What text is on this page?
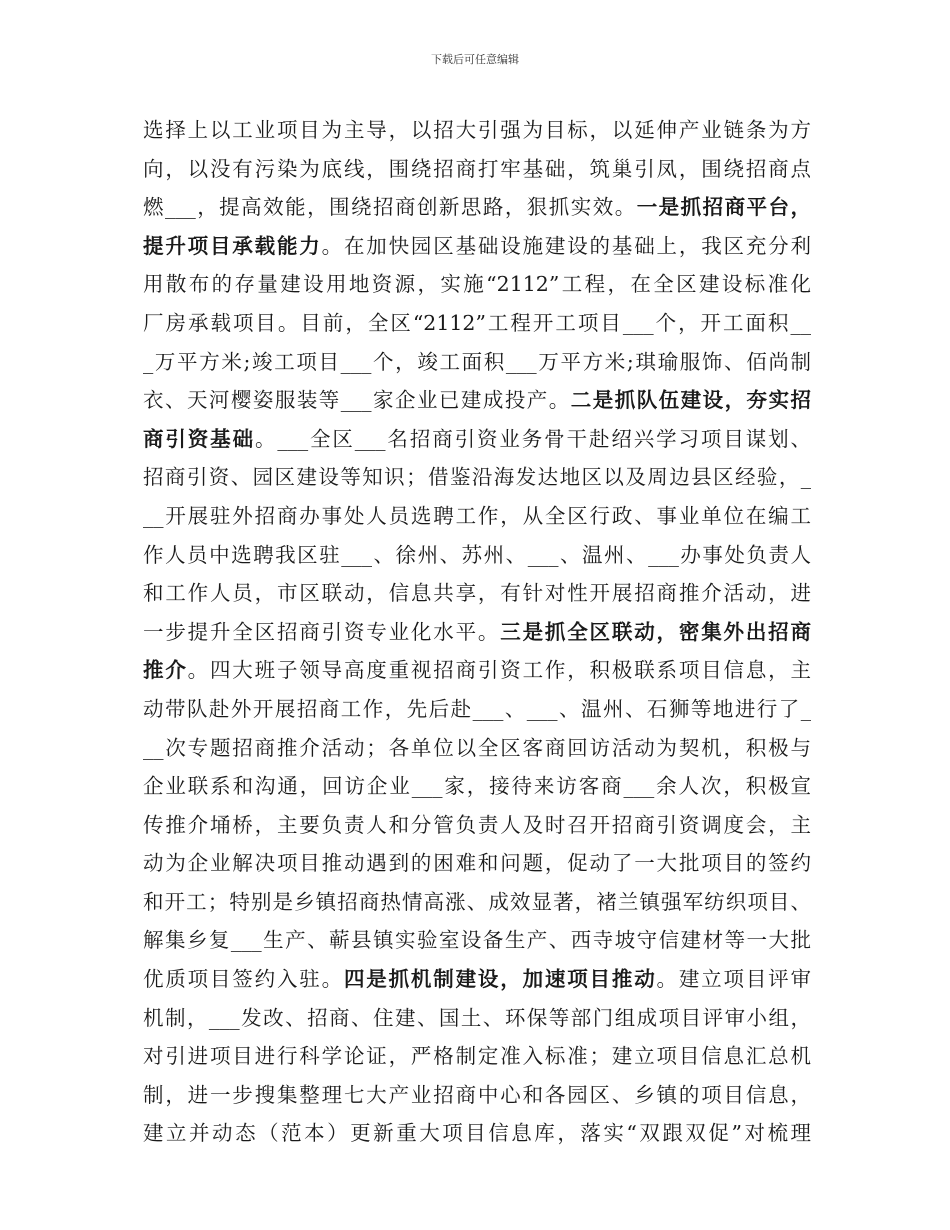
下载后可任意编辑
选择上以工业项目为主导，以招大引强为目标，以延伸产业链条为方
向，以没有污染为底线，围绕招商打牢基础，筑巢引凤，围绕招商点
燃___，提高效能，围绕招商创新思路，狠抓实效。一是抓招商平台，
提升项目承载能力。在加快园区基础设施建设的基础上，我区充分利
用散布的存量建设用地资源，实施“2112”工程，在全区建设标准化
厂房承载项目。目前，全区“2112”工程开工项目___个，开工面积__
_万平方米;竣工项目___个，竣工面积___万平方米;琪瑜服饰、佰尚制
衣、天河樱姿服装等___家企业已建成投产。二是抓队伍建设，夯实招
商引资基础。___全区___名招商引资业务骨干赴绍兴学习项目谋划、
招商引资、园区建设等知识；借鉴沿海发达地区以及周边县区经验，_
__开展驻外招商办事处人员选聘工作，从全区行政、事业单位在编工
作人员中选聘我区驻___、徐州、苏州、___、温州、___办事处负责人
和工作人员，市区联动，信息共享，有针对性开展招商推介活动，进
一步提升全区招商引资专业化水平。三是抓全区联动，密集外出招商
推介。四大班子领导高度重视招商引资工作，积极联系项目信息，主
动带队赴外开展招商工作，先后赴___、___、温州、石狮等地进行了_
__次专题招商推介活动；各单位以全区客商回访活动为契机，积极与
企业联系和沟通，回访企业___家，接待来访客商___余人次，积极宣
传推介埇桥，主要负责人和分管负责人及时召开招商引资调度会，主
动为企业解决项目推动遇到的困难和问题，促动了一大批项目的签约
和开工；特别是乡镇招商热情高涨、成效显著，褚兰镇强军纺织项目、
解集乡复___生产、蕲县镇实验室设备生产、西寺坡守信建材等一大批
优质项目签约入驻。四是抓机制建设，加速项目推动。建立项目评审
机制，___发改、招商、住建、国土、环保等部门组成项目评审小组，
对引进项目进行科学论证，严格制定准入标准；建立项目信息汇总机
制，进一步搜集整理七大产业招商中心和各园区、乡镇的项目信息，
建立并动态（范本）更新重大项目信息库，落实“双跟双促”对梳理
